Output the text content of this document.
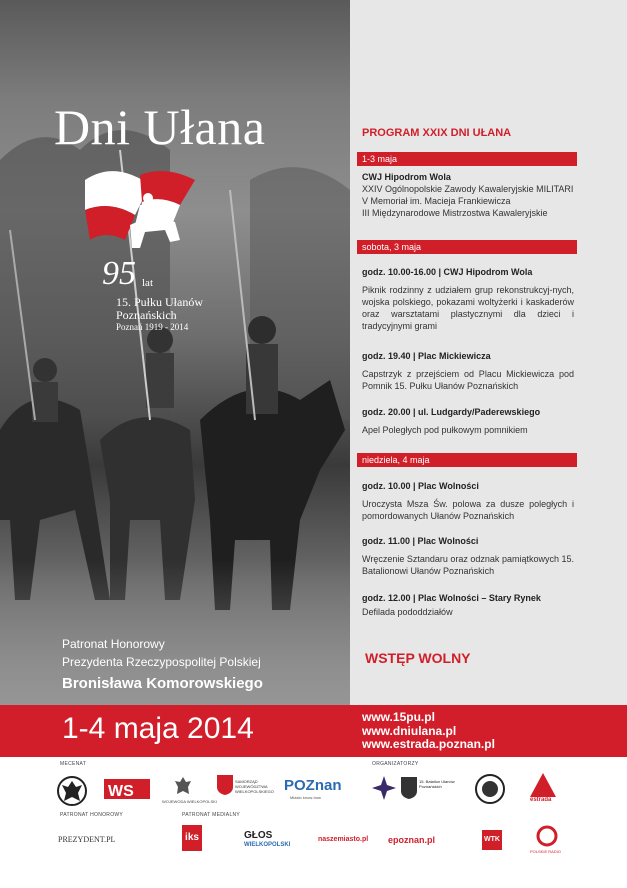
Dni Ułana
95 lat
15. Pułku Ułanów
Poznańskich
Poznań 1919 - 2014
Patronat Honorowy
Prezydenta Rzeczypospolitej Polskiej
Bronisława Komorowskiego
PROGRAM XXIX DNI UŁANA
1-3 maja
CWJ Hipodrom Wola
XXIV Ogólnopolskie Zawody Kawaleryjskie MILITARI
V Memoriał im. Macieja Frankiewicza
III Międzynarodowe Mistrzostwa Kawaleryjskie
sobota, 3 maja
godz. 10.00-16.00 | CWJ Hipodrom Wola
Piknik rodzinny z udziałem grup rekonstrukcyj-nych, wojska polskiego, pokazami woltyżerki i kaskaderów oraz warsztatami plastycznymi dla dzieci i tradycyjnymi grami
godz. 19.40 | Plac Mickiewicza
Capstrzyk z przejściem od Placu Mickiewicza pod Pomnik 15. Pułku Ułanów Poznańskich
godz. 20.00 | ul. Ludgardy/Paderewskiego
Apel Poległych pod pułkowym pomnikiem
niedziela, 4 maja
godz. 10.00 | Plac Wolności
Uroczysta Msza Św. polowa za dusze poległych i pomordowanych Ułanów Poznańskich
godz. 11.00 | Plac Wolności
Wręczenie Sztandaru oraz odznak pamiątkowych 15. Batalionowi Ułanów Poznańskich
godz. 12.00 | Plac Wolności – Stary Rynek
Defilada pododdziałów
WSTĘP WOLNY
1-4 maja 2014	www.15pu.pl
www.dniulana.pl
www.estrada.poznan.pl
MECENAT	ORGANIZATORZY
WS
WOJEWODA WIELKOPOLSKI
SAMORZĄD WOJEWÓDZTWA WIELKOPOLSKIEGO POZnan
Miasto know-how
15. Batalion Ułanów Poznańskich
estrada
PATRONAT HONOROWY	PATRONAT MEDIALNY
PREZYDENT.PL	iks	GŁOS
WIELKOPOLSKI
naszemiasto.pl epoznan.pl	WTK
POLSKIE RADIO
